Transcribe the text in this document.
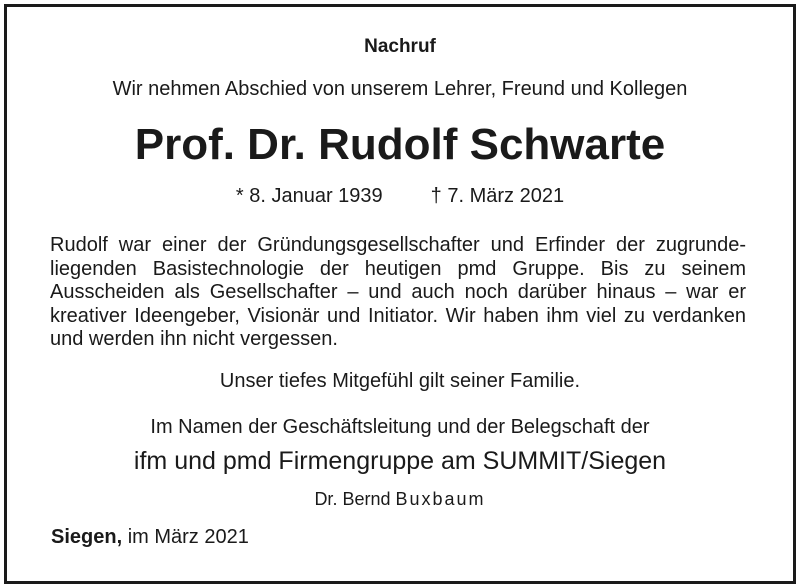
Nachruf
Wir nehmen Abschied von unserem Lehrer, Freund und Kollegen
Prof. Dr. Rudolf Schwarte
* 8. Januar 1939 † 7. März 2021
Rudolf war einer der Gründungsgesellschafter und Erfinder der zugrunde-
liegenden Basistechnologie der heutigen pmd Gruppe. Bis zu seinem
Ausscheiden als Gesellschafter – und auch noch darüber hinaus – war er
kreativer Ideengeber, Visionär und Initiator. Wir haben ihm viel zu verdanken
und werden ihn nicht vergessen.
Unser tiefes Mitgefühl gilt seiner Familie.
Im Namen der Geschäftsleitung und der Belegschaft der
ifm und pmd Firmengruppe am SUMMIT/Siegen
Dr. Bernd Buxbaum
Siegen, im März 2021
